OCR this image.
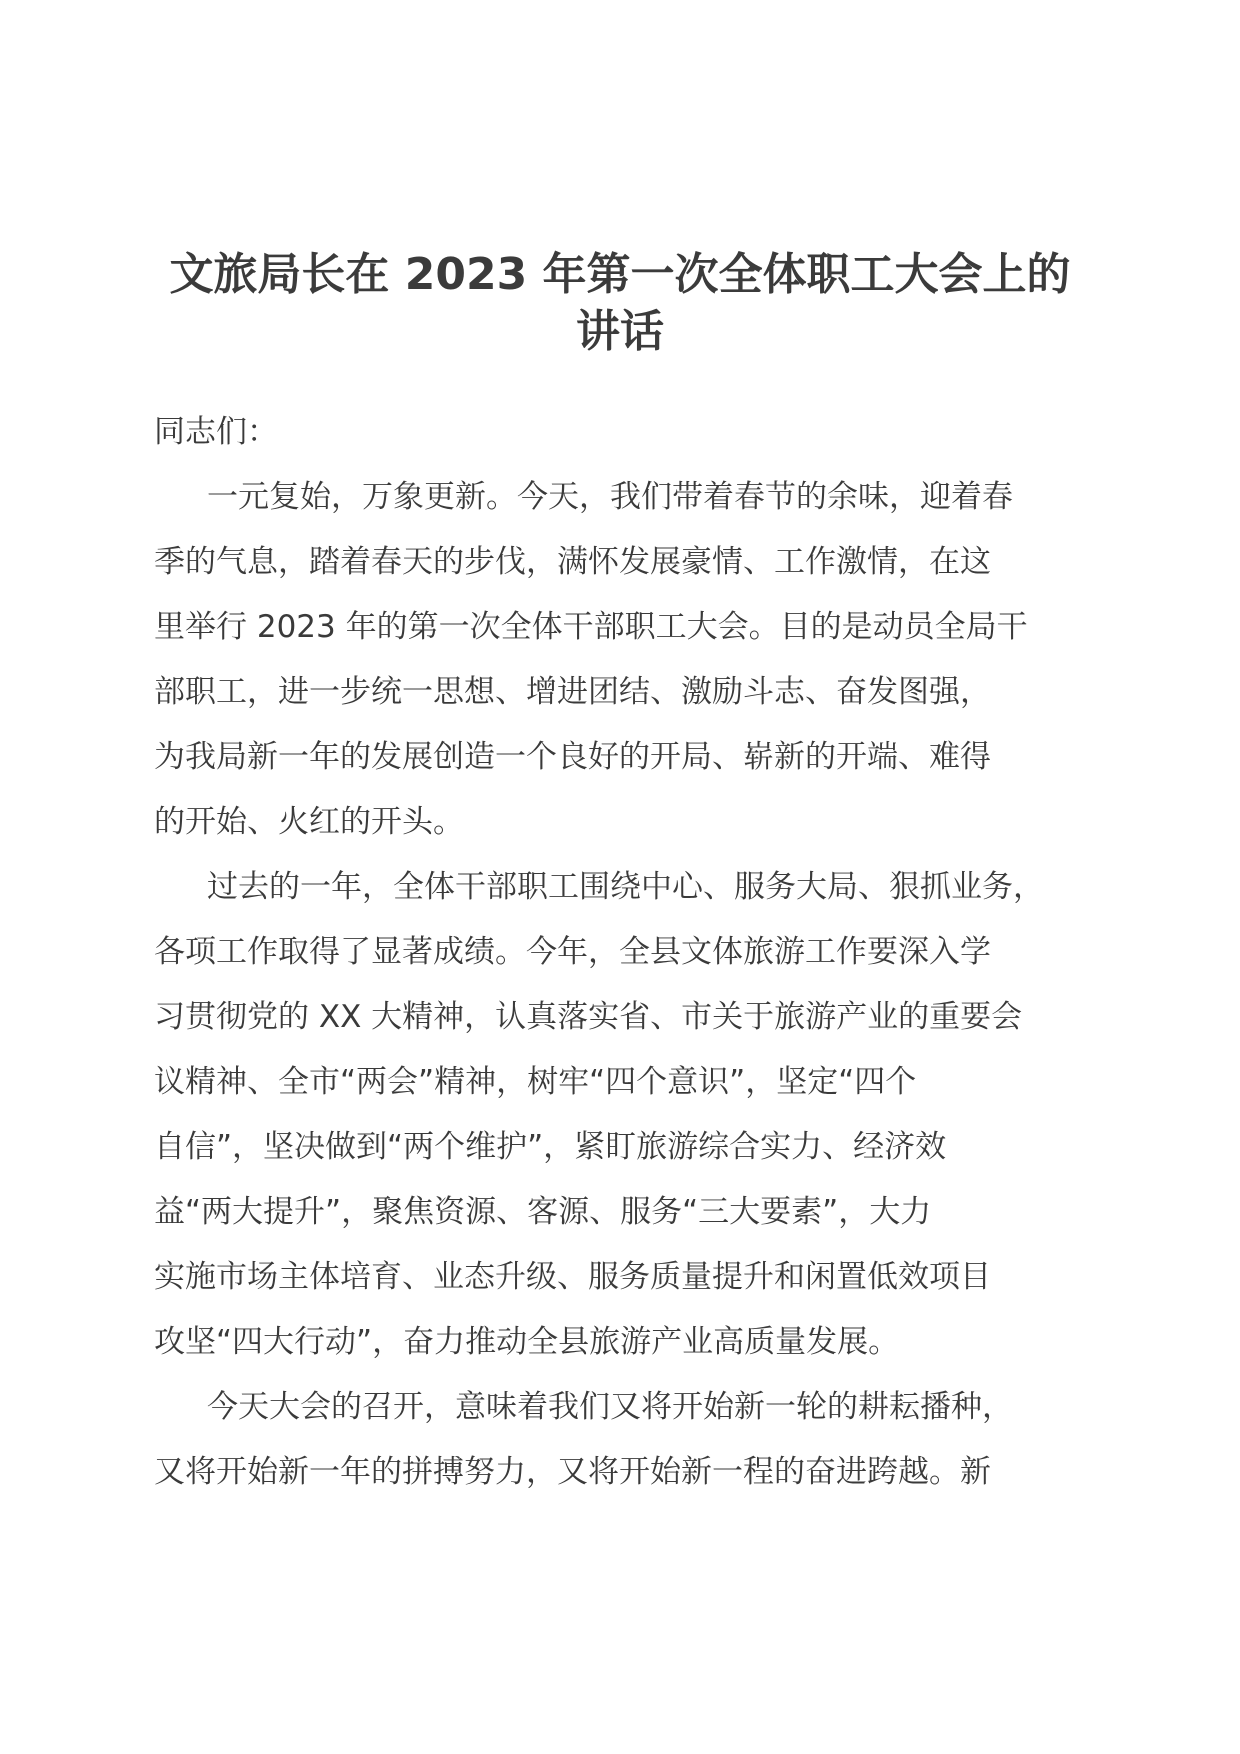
文旅局长在 2023 年第一次全体职工大会上的
讲话

同志们：

一元复始，万象更新。今天，我们带着春节的余味，迎着春
季的气息，踏着春天的步伐，满怀发展豪情、工作激情，在这
里举行 2023 年的第一次全体干部职工大会。目的是动员全局干
部职工，进一步统一思想、增进团结、激励斗志、奋发图强，
为我局新一年的发展创造一个良好的开局、崭新的开端、难得
的开始、火红的开头。

过去的一年，全体干部职工围绕中心、服务大局、狠抓业务，
各项工作取得了显著成绩。今年，全县文体旅游工作要深入学
习贯彻党的 XX 大精神，认真落实省、市关于旅游产业的重要会
议精神、全市“两会”精神，树牢“四个意识”，坚定“四个
自信”，坚决做到“两个维护”，紧盯旅游综合实力、经济效
益“两大提升”，聚焦资源、客源、服务“三大要素”，大力
实施市场主体培育、业态升级、服务质量提升和闲置低效项目
攻坚“四大行动”，奋力推动全县旅游产业高质量发展。

今天大会的召开，意味着我们又将开始新一轮的耕耘播种，
又将开始新一年的拼搏努力，又将开始新一程的奋进跨越。新
